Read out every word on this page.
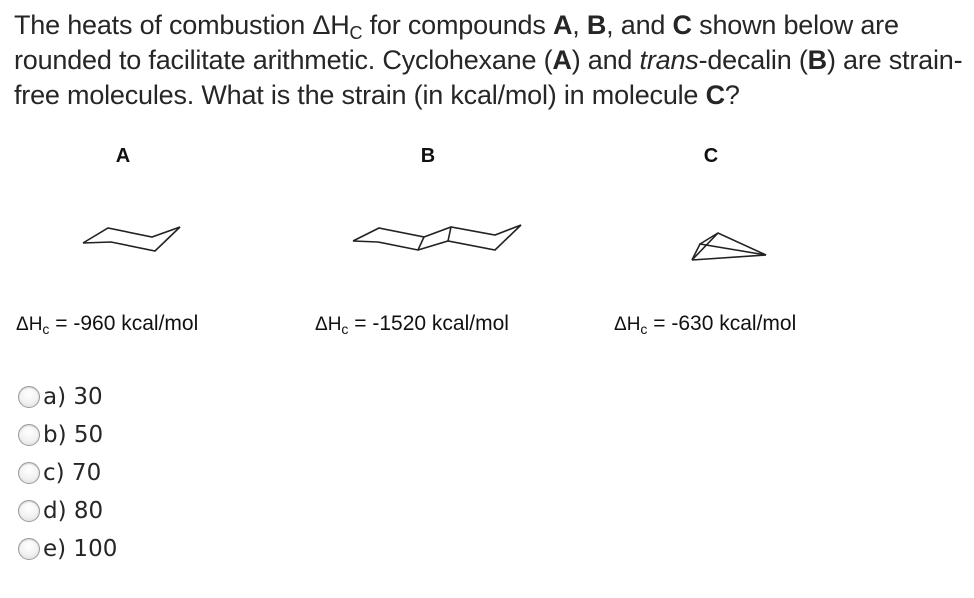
The heats of combustion $\Delta H_C$ for compounds A, B, and C shown below are rounded to facilitate arithmetic. Cyclohexane (A) and trans-decalin (B) are strain-free molecules. What is the strain (in kcal/mol) in molecule C?
A	B	C
$\Delta H_c = -960$ kcal/mol	$\Delta H_c = -1520$ kcal/mol	$\Delta H_c = -630$ kcal/mol
a) 30
b) 50
c) 70
d) 80
e) 100
